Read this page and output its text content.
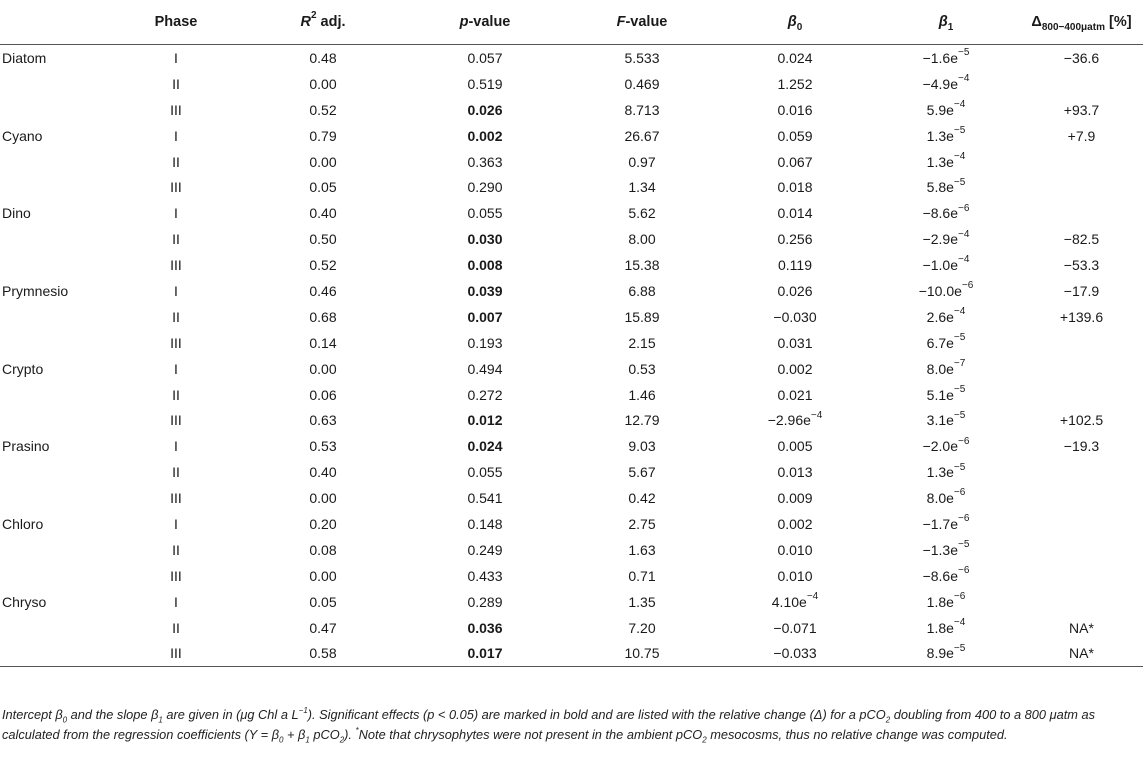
	Phase	$R^2$ adj.	p-value	F-value	$\beta_0$	$\beta_1$	$\Delta_{800-400\mu atm}$ [%]
Diatom	I	0.48	0.057	5.533	0.024	$-1.6e^{-5}$	−36.6
	II	0.00	0.519	0.469	1.252	$-4.9e^{-4}$	
	III	0.52	0.026	8.713	0.016	$5.9e^{-4}$	+93.7
Cyano	I	0.79	0.002	26.67	0.059	$1.3e^{-5}$	+7.9
	II	0.00	0.363	0.97	0.067	$1.3e^{-4}$	
	III	0.05	0.290	1.34	0.018	$5.8e^{-5}$	
Dino	I	0.40	0.055	5.62	0.014	$-8.6e^{-6}$	
	II	0.50	0.030	8.00	0.256	$-2.9e^{-4}$	−82.5
	III	0.52	0.008	15.38	0.119	$-1.0e^{-4}$	−53.3
Prymnesio	I	0.46	0.039	6.88	0.026	$-10.0e^{-6}$	−17.9
	II	0.68	0.007	15.89	−0.030	$2.6e^{-4}$	+139.6
	III	0.14	0.193	2.15	0.031	$6.7e^{-5}$	
Crypto	I	0.00	0.494	0.53	0.002	$8.0e^{-7}$	
	II	0.06	0.272	1.46	0.021	$5.1e^{-5}$	
	III	0.63	0.012	12.79	$-2.96e^{-4}$	$3.1e^{-5}$	+102.5
Prasino	I	0.53	0.024	9.03	0.005	$-2.0e^{-6}$	−19.3
	II	0.40	0.055	5.67	0.013	$1.3e^{-5}$	
	III	0.00	0.541	0.42	0.009	$8.0e^{-6}$	
Chloro	I	0.20	0.148	2.75	0.002	$-1.7e^{-6}$	
	II	0.08	0.249	1.63	0.010	$-1.3e^{-5}$	
	III	0.00	0.433	0.71	0.010	$-8.6e^{-6}$	
Chryso	I	0.05	0.289	1.35	$4.10e^{-4}$	$1.8e^{-6}$	
	II	0.47	0.036	7.20	−0.071	$1.8e^{-4}$	NA*
	III	0.58	0.017	10.75	−0.033	$8.9e^{-5}$	NA*
Intercept $\beta_0$ and the slope $\beta_1$ are given in (μg Chl a $L^{-1}$). Significant effects (p < 0.05) are marked in bold and are listed with the relative change (Δ) for a pCO$_2$ doubling from 400 to a 800 μatm as calculated from the regression coefficients ($Y = \beta_0 + \beta_1$ pCO$_2$). *Note that chrysophytes were not present in the ambient pCO$_2$ mesocosms, thus no relative change was computed.
